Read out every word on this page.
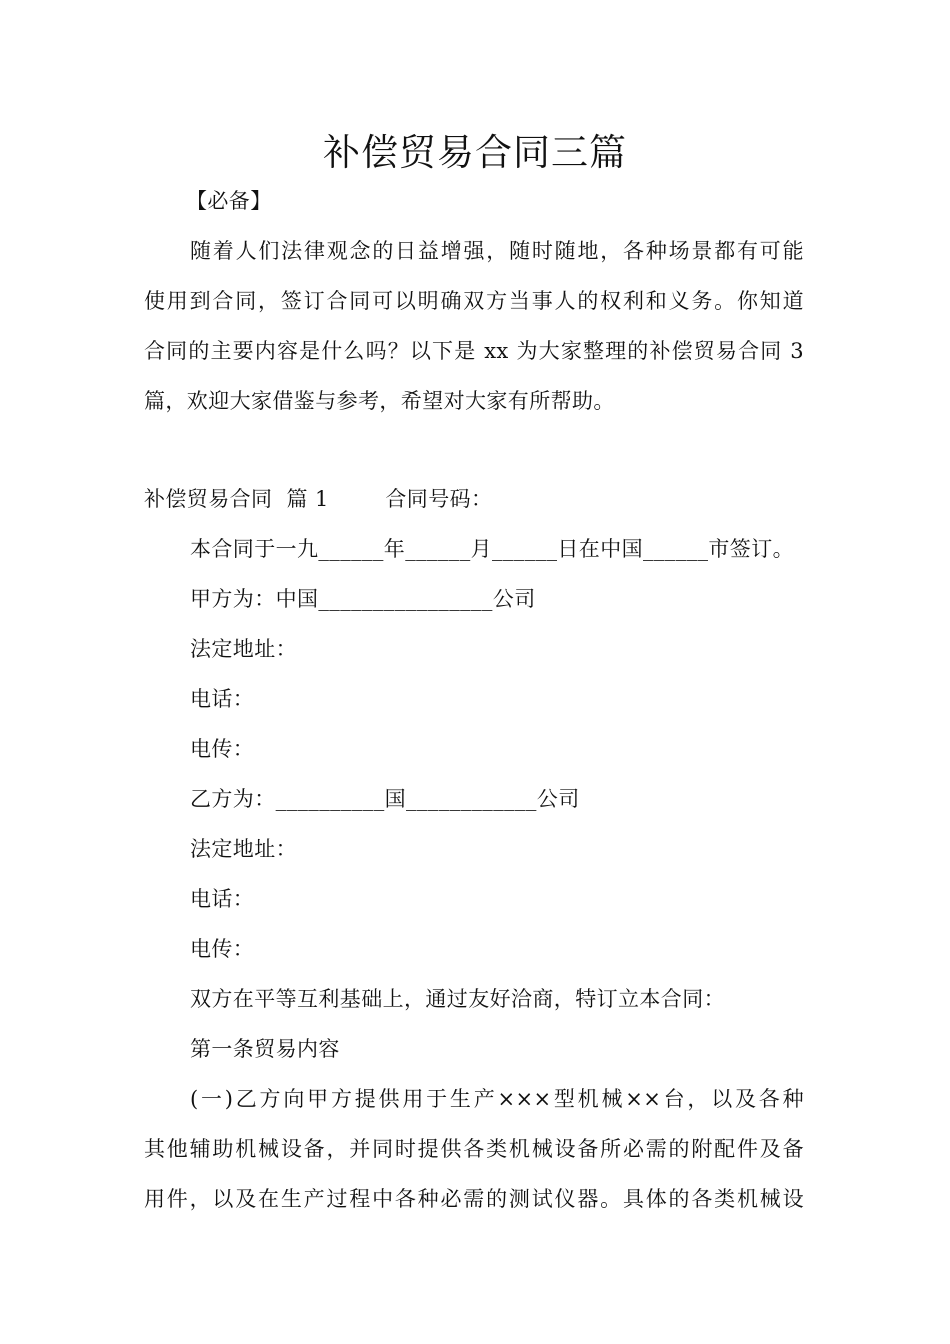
补偿贸易合同三篇
【必备】
随着人们法律观念的日益增强，随时随地，各种场景都有可能
使用到合同，签订合同可以明确双方当事人的权利和义务。你知道
合同的主要内容是什么吗？以下是 xx 为大家整理的补偿贸易合同 3
篇，欢迎大家借鉴与参考，希望对大家有所帮助。
补偿贸易合同  篇 1        合同号码：
本合同于一九______年______月______日在中国______市签订。
甲方为：中国________________公司
法定地址：
电话：
电传：
乙方为：__________国____________公司
法定地址：
电话：
电传：
双方在平等互利基础上，通过友好洽商，特订立本合同：
第一条贸易内容
(一)乙方向甲方提供用于生产×××型机械××台，以及各种
其他辅助机械设备，并同时提供各类机械设备所必需的附配件及备
用件，以及在生产过程中各种必需的测试仪器。具体的各类机械设
